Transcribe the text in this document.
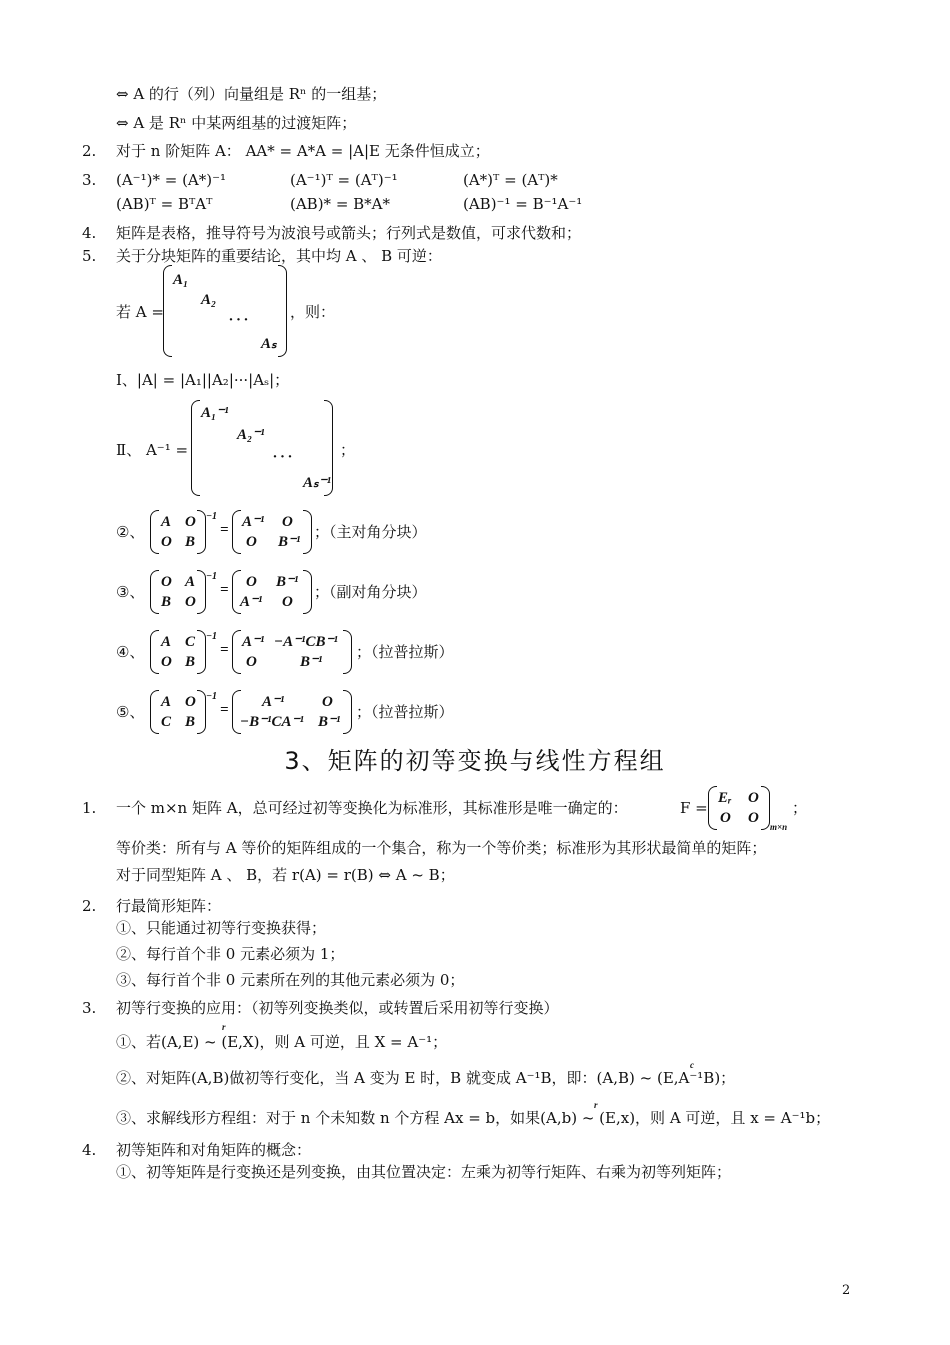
⇔ A 的行（列）向量组是 Rⁿ 的一组基；
⇔ A 是 Rⁿ 中某两组基的过渡矩阵；
2. 对于 n 阶矩阵 A： AA* = A*A = |A|E 无条件恒成立；
3. (A⁻¹)* = (A*)⁻¹	(A⁻¹)ᵀ = (Aᵀ)⁻¹	(A*)ᵀ = (Aᵀ)*
(AB)ᵀ = BᵀAᵀ	(AB)* = B*A*	(AB)⁻¹ = B⁻¹A⁻¹
4. 矩阵是表格，推导符号为波浪号或箭头；行列式是数值，可求代数和；
5. 关于分块矩阵的重要结论，其中均 A 、 B 可逆：
若 A =
A₁
A₂
· · ·
Aₛ
，则：
Ⅰ、|A| = |A₁||A₂|···|Aₛ|；
Ⅱ、 A⁻¹ =
A₁⁻¹
A₂⁻¹
· · ·
Aₛ⁻¹
；
②、
A O
O B
−1
= A⁻¹ O
O B⁻¹
；（主对角分块）
③、
O A
B O
−1
= O B⁻¹
A⁻¹ O
；（副对角分块）
④、
A C
O B
−1
= A⁻¹ −A⁻¹CB⁻¹
O	B⁻¹
；（拉普拉斯）
⑤、
A O
C B
−1
= A⁻¹	O
−B⁻¹CA⁻¹ B⁻¹
；（拉普拉斯）
3、矩阵的初等变换与线性方程组
1. 一个 m×n 矩阵 A，总可经过初等变换化为标准形，其标准形是唯一确定的：	F =
Eᵣ O
O O
m×n
；
等价类：所有与 A 等价的矩阵组成的一个集合，称为一个等价类；标准形为其形状最简单的矩阵；
对于同型矩阵 A 、 B，若 r(A) = r(B) ⇔ A ~ B；
2. 行最简形矩阵：
①、只能通过初等行变换获得；
②、每行首个非 0 元素必须为 1；
③、每行首个非 0 元素所在列的其他元素必须为 0；
3. 初等行变换的应用：（初等列变换类似，或转置后采用初等行变换）
r
①、若(A,E) ~ (E,X)，则 A 可逆，且 X = A⁻¹；
c
②、对矩阵(A,B)做初等行变化，当 A 变为 E 时，B 就变成 A⁻¹B，即：(A,B) ~ (E,A⁻¹B)；
r
③、求解线形方程组：对于 n 个未知数 n 个方程 Ax = b，如果(A,b) ~ (E,x)，则 A 可逆，且 x = A⁻¹b；
4. 初等矩阵和对角矩阵的概念：
①、初等矩阵是行变换还是列变换，由其位置决定：左乘为初等行矩阵、右乘为初等列矩阵；
2
